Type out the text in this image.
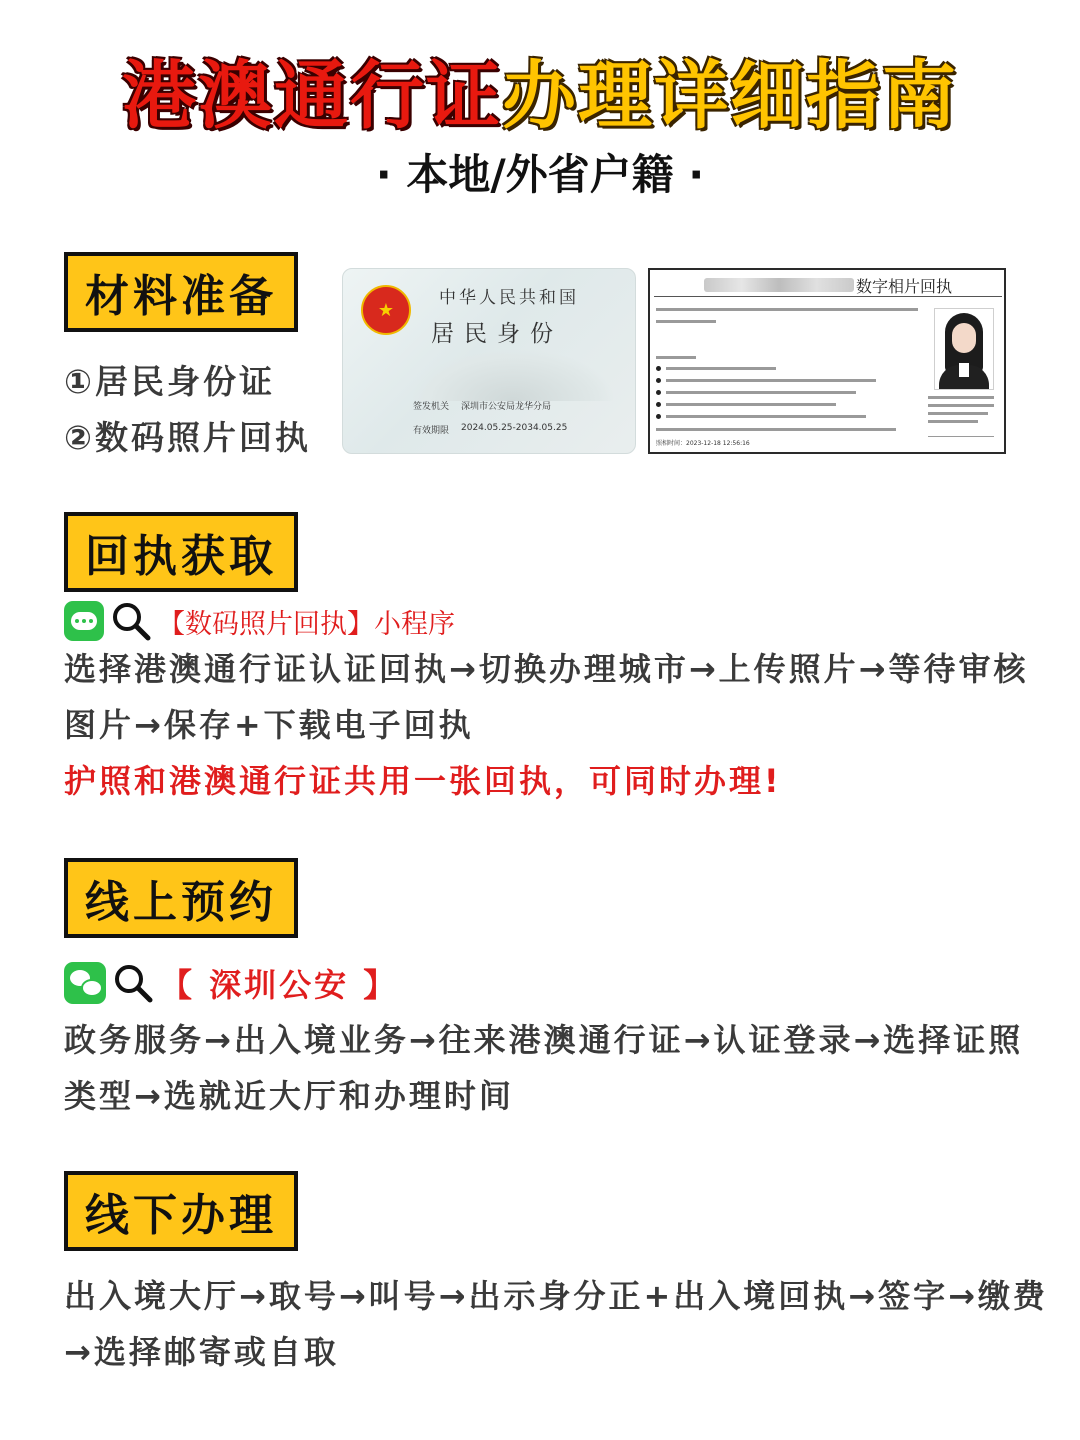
港澳通行证办理详细指南
· 本地/外省户籍 ·
材料准备
①居民身份证
②数码照片回执
★
中华人民共和国
居民身份
签发机关 深圳市公安局龙华分局
有效期限 2024.05.25-2034.05.25
数字相片回执
照相时间：2023-12-18 12:56:16
回执获取
【数码照片回执】小程序
选择港澳通行证认证回执→切换办理城市→上传照片→等待审核
图片→保存+下载电子回执
护照和港澳通行证共用一张回执，可同时办理!
线上预约
【 深圳公安 】
政务服务→出入境业务→往来港澳通行证→认证登录→选择证照
类型→选就近大厅和办理时间
线下办理
出入境大厅→取号→叫号→出示身分正+出入境回执→签字→缴费
→选择邮寄或自取
